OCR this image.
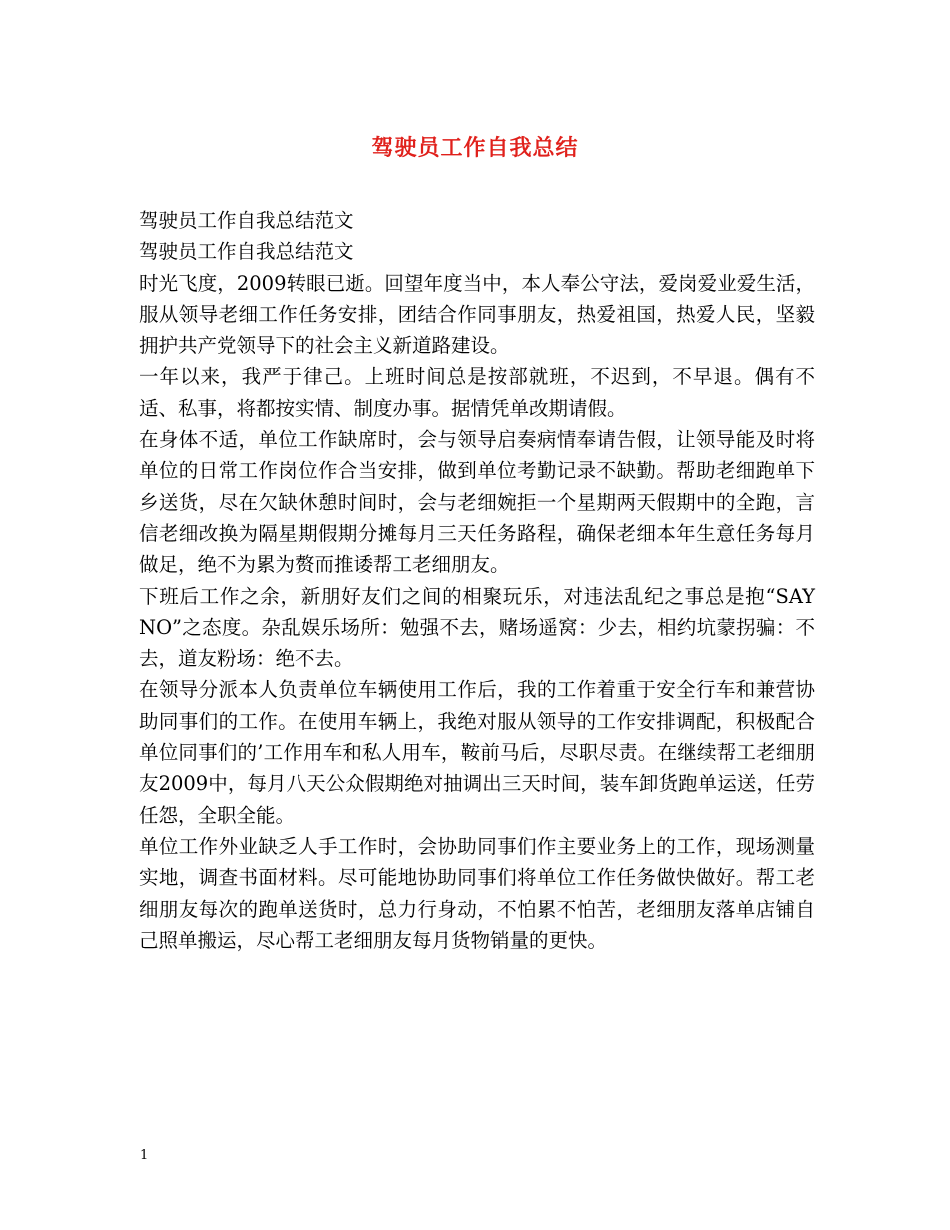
驾驶员工作自我总结

驾驶员工作自我总结范文

驾驶员工作自我总结范文

时光飞度，2009转眼已逝。回望年度当中，本人奉公守法，爱岗爱业爱生活，服从领导老细工作任务安排，团结合作同事朋友，热爱祖国，热爱人民，坚毅拥护共产党领导下的社会主义新道路建设。

一年以来，我严于律己。上班时间总是按部就班，不迟到，不早退。偶有不适、私事，将都按实情、制度办事。据情凭单改期请假。

在身体不适，单位工作缺席时，会与领导启奏病情奉请告假，让领导能及时将单位的日常工作岗位作合当安排，做到单位考勤记录不缺勤。帮助老细跑单下乡送货，尽在欠缺休憩时间时，会与老细婉拒一个星期两天假期中的全跑，言信老细改换为隔星期假期分摊每月三天任务路程，确保老细本年生意任务每月做足，绝不为累为赘而推诿帮工老细朋友。

下班后工作之余，新朋好友们之间的相聚玩乐，对违法乱纪之事总是抱“SAY NO”之态度。杂乱娱乐场所：勉强不去，赌场遥窝：少去，相约坑蒙拐骗：不去，道友粉场：绝不去。

在领导分派本人负责单位车辆使用工作后，我的工作着重于安全行车和兼营协助同事们的工作。在使用车辆上，我绝对服从领导的工作安排调配，积极配合单位同事们的’工作用车和私人用车，鞍前马后，尽职尽责。在继续帮工老细朋友2009中，每月八天公众假期绝对抽调出三天时间，装车卸货跑单运送，任劳任怨，全职全能。

单位工作外业缺乏人手工作时，会协助同事们作主要业务上的工作，现场测量实地，调查书面材料。尽可能地协助同事们将单位工作任务做快做好。帮工老细朋友每次的跑单送货时，总力行身动，不怕累不怕苦，老细朋友落单店铺自己照单搬运，尽心帮工老细朋友每月货物销量的更快。

1
